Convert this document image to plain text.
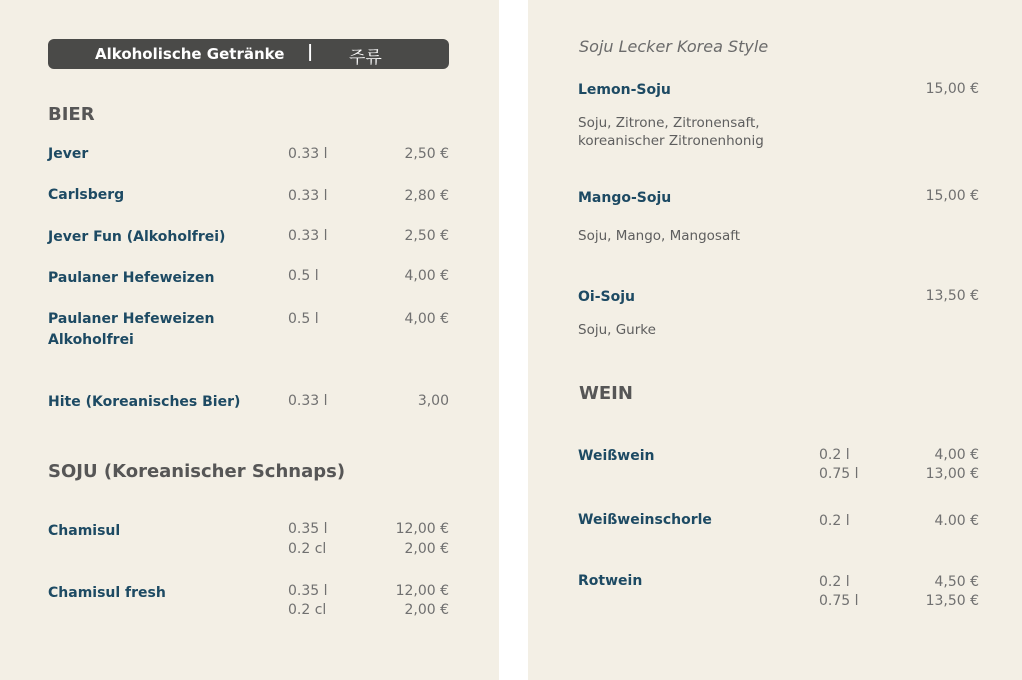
Alkoholische Getränke | 주류
BIER
Jever	0.33 l	2,50 €
Carlsberg	0.33 l	2,80 €
Jever Fun (Alkoholfrei)	0.33 l	2,50 €
Paulaner Hefeweizen	0.5 l	4,00 €
Paulaner Hefeweizen
Alkoholfrei
0.5 l	4,00 €
Hite (Koreanisches Bier)	0.33 l	3,00
SOJU (Koreanischer Schnaps)
Chamisul	0.35 l	12,00 €
0.2 cl	2,00 €
Chamisul fresh	0.35 l	12,00 €
0.2 cl	2,00 €
Soju Lecker Korea Style
Lemon-Soju	15,00 €
Soju, Zitrone, Zitronensaft,
koreanischer Zitronenhonig
Mango-Soju	15,00 €
Soju, Mango, Mangosaft
Oi-Soju	13,50 €
Soju, Gurke
WEIN
Weißwein	0.2 l	4,00 €
0.75 l	13,00 €
Weißweinschorle	0.2 l	4.00 €
Rotwein	0.2 l	4,50 €
0.75 l	13,50 €
